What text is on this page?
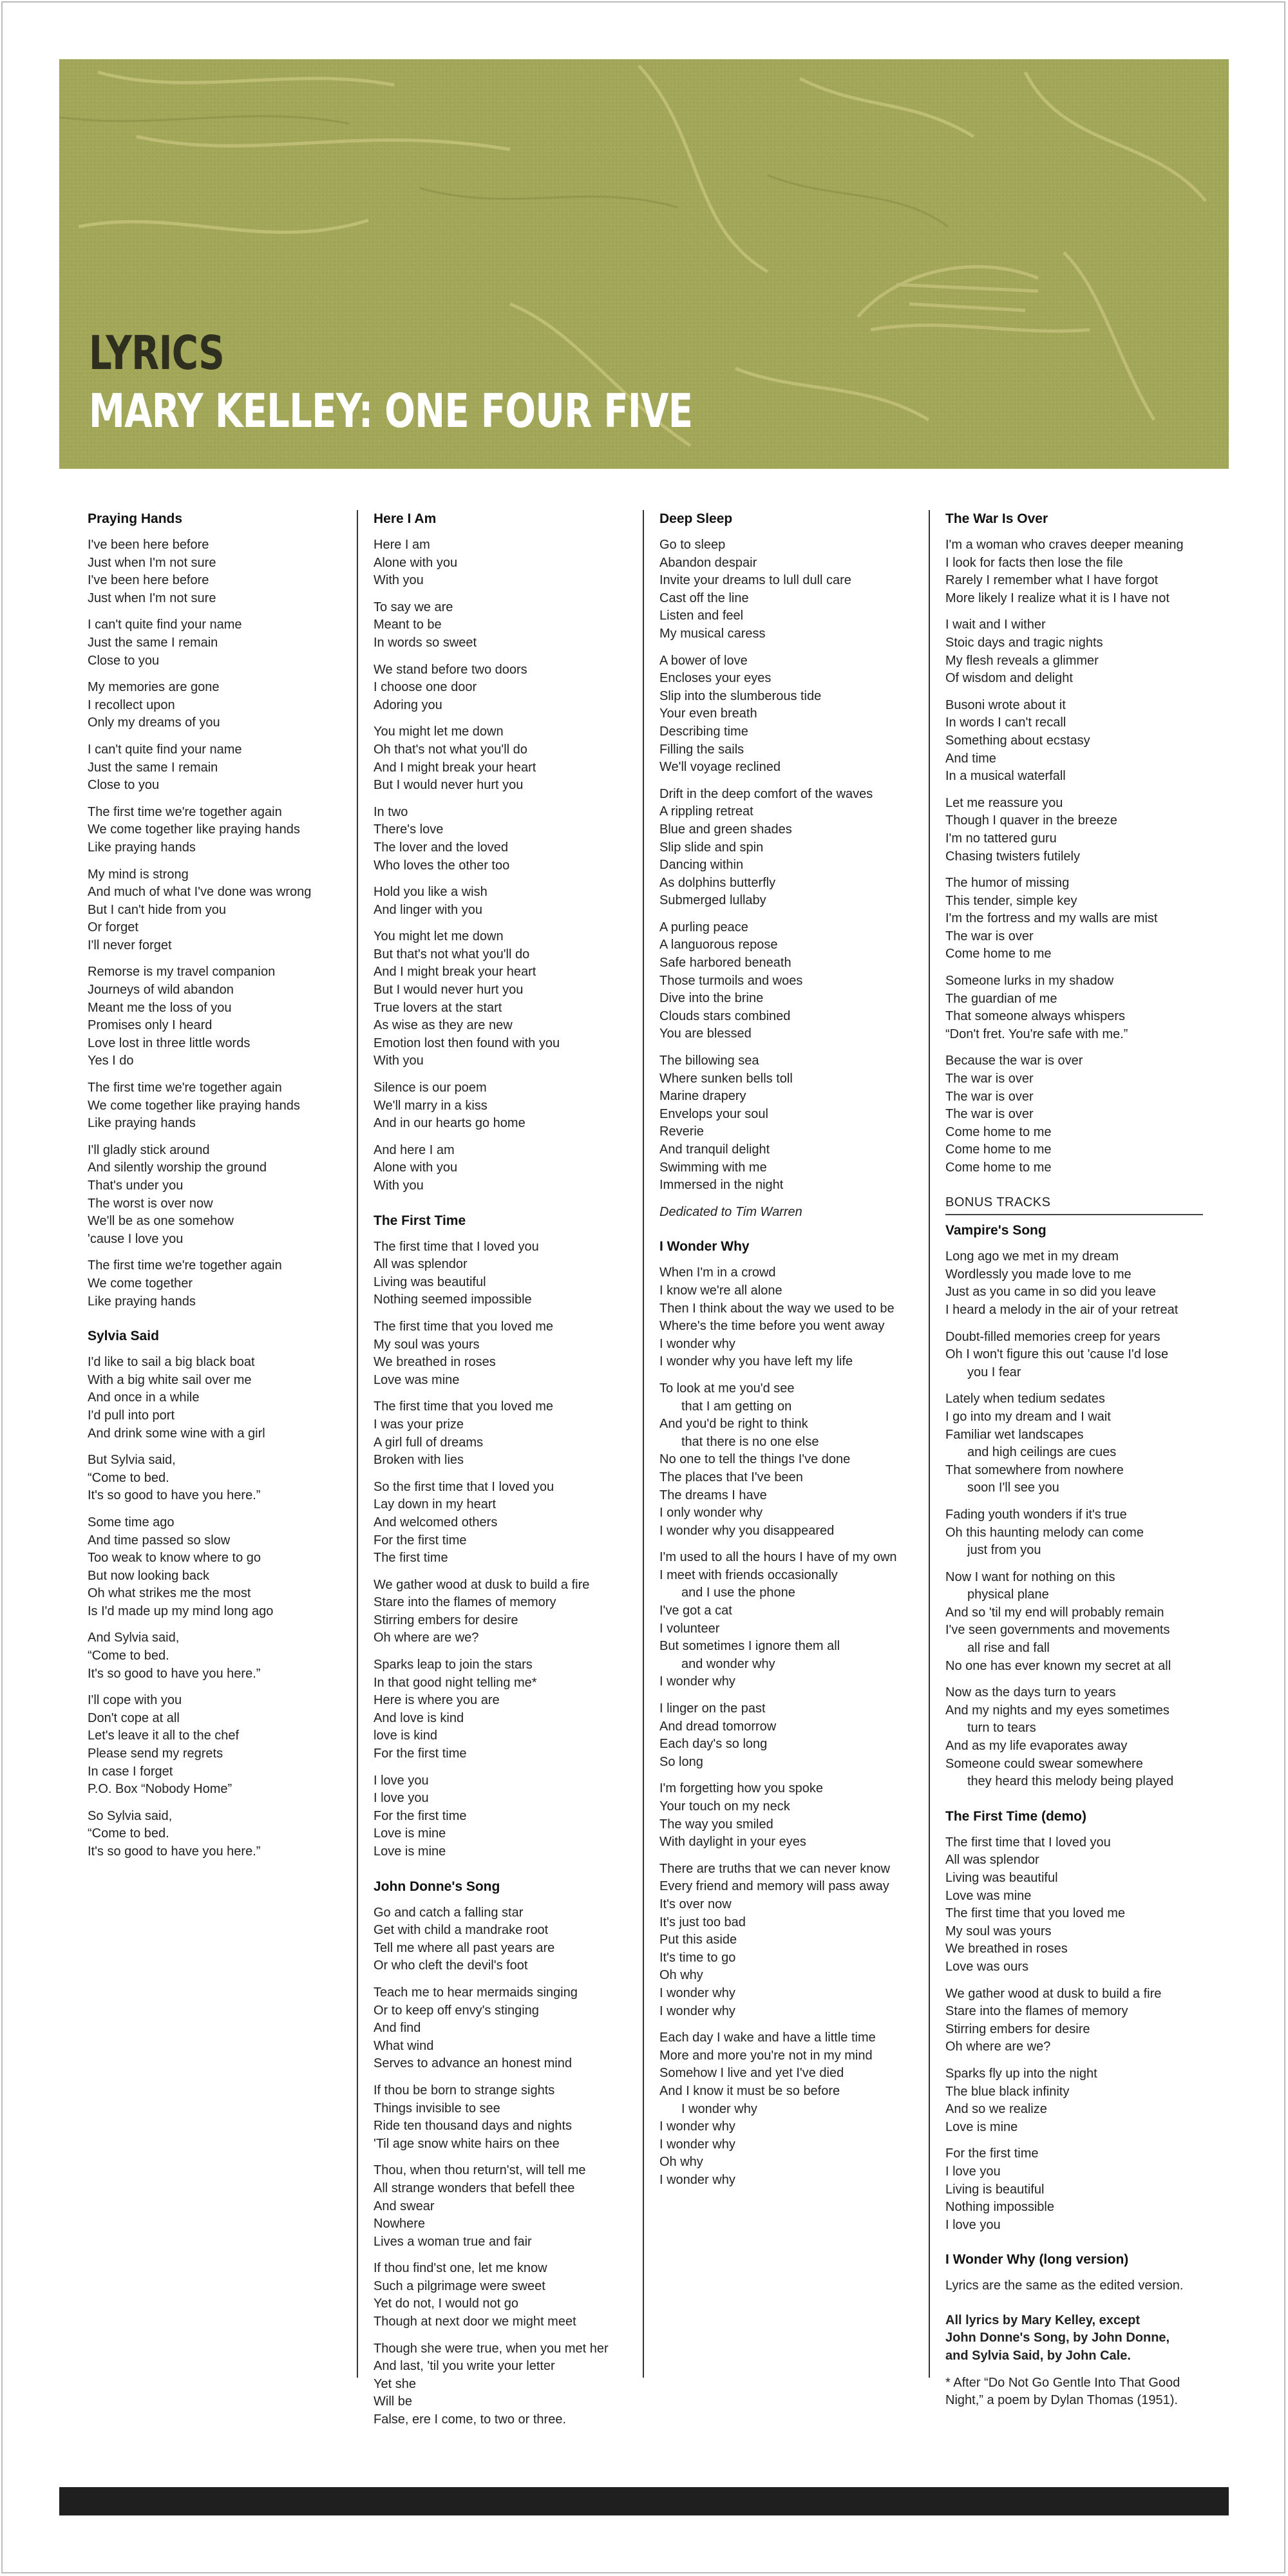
LYRICS
MARY KELLEY: ONE FOUR FIVE
Praying Hands
I've been here before
Just when I'm not sure
I've been here before
Just when I'm not sure
I can't quite find your name
Just the same I remain
Close to you
My memories are gone
I recollect upon
Only my dreams of you
I can't quite find your name
Just the same I remain
Close to you
The first time we're together again
We come together like praying hands
Like praying hands
My mind is strong
And much of what I've done was wrong
But I can't hide from you
Or forget
I'll never forget
Remorse is my travel companion
Journeys of wild abandon
Meant me the loss of you
Promises only I heard
Love lost in three little words
Yes I do
The first time we're together again
We come together like praying hands
Like praying hands
I'll gladly stick around
And silently worship the ground
That's under you
The worst is over now
We'll be as one somehow
'cause I love you
The first time we're together again
We come together
Like praying hands
Sylvia Said
I'd like to sail a big black boat
With a big white sail over me
And once in a while
I'd pull into port
And drink some wine with a girl
But Sylvia said,
“Come to bed.
It's so good to have you here.”
Some time ago
And time passed so slow
Too weak to know where to go
But now looking back
Oh what strikes me the most
Is I'd made up my mind long ago
And Sylvia said,
“Come to bed.
It's so good to have you here.”
I'll cope with you
Don't cope at all
Let's leave it all to the chef
Please send my regrets
In case I forget
P.O. Box “Nobody Home”
So Sylvia said,
“Come to bed.
It's so good to have you here.”
Here I Am
Here I am
Alone with you
With you
To say we are
Meant to be
In words so sweet
We stand before two doors
I choose one door
Adoring you
You might let me down
Oh that's not what you'll do
And I might break your heart
But I would never hurt you
In two
There's love
The lover and the loved
Who loves the other too
Hold you like a wish
And linger with you
You might let me down
But that's not what you'll do
And I might break your heart
But I would never hurt you
True lovers at the start
As wise as they are new
Emotion lost then found with you
With you
Silence is our poem
We'll marry in a kiss
And in our hearts go home
And here I am
Alone with you
With you
The First Time
The first time that I loved you
All was splendor
Living was beautiful
Nothing seemed impossible
The first time that you loved me
My soul was yours
We breathed in roses
Love was mine
The first time that you loved me
I was your prize
A girl full of dreams
Broken with lies
So the first time that I loved you
Lay down in my heart
And welcomed others
For the first time
The first time
We gather wood at dusk to build a fire
Stare into the flames of memory
Stirring embers for desire
Oh where are we?
Sparks leap to join the stars
In that good night telling me*
Here is where you are
And love is kind
love is kind
For the first time
I love you
I love you
For the first time
Love is mine
Love is mine
John Donne's Song
Go and catch a falling star
Get with child a mandrake root
Tell me where all past years are
Or who cleft the devil's foot
Teach me to hear mermaids singing
Or to keep off envy's stinging
And find
What wind
Serves to advance an honest mind
If thou be born to strange sights
Things invisible to see
Ride ten thousand days and nights
'Til age snow white hairs on thee
Thou, when thou return'st, will tell me
All strange wonders that befell thee
And swear
Nowhere
Lives a woman true and fair
If thou find'st one, let me know
Such a pilgrimage were sweet
Yet do not, I would not go
Though at next door we might meet
Though she were true, when you met her
And last, 'til you write your letter
Yet she
Will be
False, ere I come, to two or three.
Deep Sleep
Go to sleep
Abandon despair
Invite your dreams to lull dull care
Cast off the line
Listen and feel
My musical caress
A bower of love
Encloses your eyes
Slip into the slumberous tide
Your even breath
Describing time
Filling the sails
We'll voyage reclined
Drift in the deep comfort of the waves
A rippling retreat
Blue and green shades
Slip slide and spin
Dancing within
As dolphins butterfly
Submerged lullaby
A purling peace
A languorous repose
Safe harbored beneath
Those turmoils and woes
Dive into the brine
Clouds stars combined
You are blessed
The billowing sea
Where sunken bells toll
Marine drapery
Envelops your soul
Reverie
And tranquil delight
Swimming with me
Immersed in the night
Dedicated to Tim Warren
I Wonder Why
When I'm in a crowd
I know we're all alone
Then I think about the way we used to be
Where's the time before you went away
I wonder why
I wonder why you have left my life
To look at me you'd see
that I am getting on
And you'd be right to think
that there is no one else
No one to tell the things I've done
The places that I've been
The dreams I have
I only wonder why
I wonder why you disappeared
I'm used to all the hours I have of my own
I meet with friends occasionally
and I use the phone
I've got a cat
I volunteer
But sometimes I ignore them all
and wonder why
I wonder why
I linger on the past
And dread tomorrow
Each day's so long
So long
I'm forgetting how you spoke
Your touch on my neck
The way you smiled
With daylight in your eyes
There are truths that we can never know
Every friend and memory will pass away
It's over now
It's just too bad
Put this aside
It's time to go
Oh why
I wonder why
I wonder why
Each day I wake and have a little time
More and more you're not in my mind
Somehow I live and yet I've died
And I know it must be so before
I wonder why
I wonder why
I wonder why
Oh why
I wonder why
The War Is Over
I'm a woman who craves deeper meaning
I look for facts then lose the file
Rarely I remember what I have forgot
More likely I realize what it is I have not
I wait and I wither
Stoic days and tragic nights
My flesh reveals a glimmer
Of wisdom and delight
Busoni wrote about it
In words I can't recall
Something about ecstasy
And time
In a musical waterfall
Let me reassure you
Though I quaver in the breeze
I'm no tattered guru
Chasing twisters futilely
The humor of missing
This tender, simple key
I'm the fortress and my walls are mist
The war is over
Come home to me
Someone lurks in my shadow
The guardian of me
That someone always whispers
“Don't fret. You're safe with me.”
Because the war is over
The war is over
The war is over
The war is over
Come home to me
Come home to me
Come home to me
BONUS TRACKS
Vampire's Song
Long ago we met in my dream
Wordlessly you made love to me
Just as you came in so did you leave
I heard a melody in the air of your retreat
Doubt-filled memories creep for years
Oh I won't figure this out 'cause I'd lose
you I fear
Lately when tedium sedates
I go into my dream and I wait
Familiar wet landscapes
and high ceilings are cues
That somewhere from nowhere
soon I'll see you
Fading youth wonders if it's true
Oh this haunting melody can come
just from you
Now I want for nothing on this
physical plane
And so 'til my end will probably remain
I've seen governments and movements
all rise and fall
No one has ever known my secret at all
Now as the days turn to years
And my nights and my eyes sometimes
turn to tears
And as my life evaporates away
Someone could swear somewhere
they heard this melody being played
The First Time (demo)
The first time that I loved you
All was splendor
Living was beautiful
Love was mine
The first time that you loved me
My soul was yours
We breathed in roses
Love was ours
We gather wood at dusk to build a fire
Stare into the flames of memory
Stirring embers for desire
Oh where are we?
Sparks fly up into the night
The blue black infinity
And so we realize
Love is mine
For the first time
I love you
Living is beautiful
Nothing impossible
I love you
I Wonder Why (long version)
Lyrics are the same as the edited version.
All lyrics by Mary Kelley, except
John Donne's Song, by John Donne,
and Sylvia Said, by John Cale.
* After “Do Not Go Gentle Into That Good
Night,” a poem by Dylan Thomas (1951).
